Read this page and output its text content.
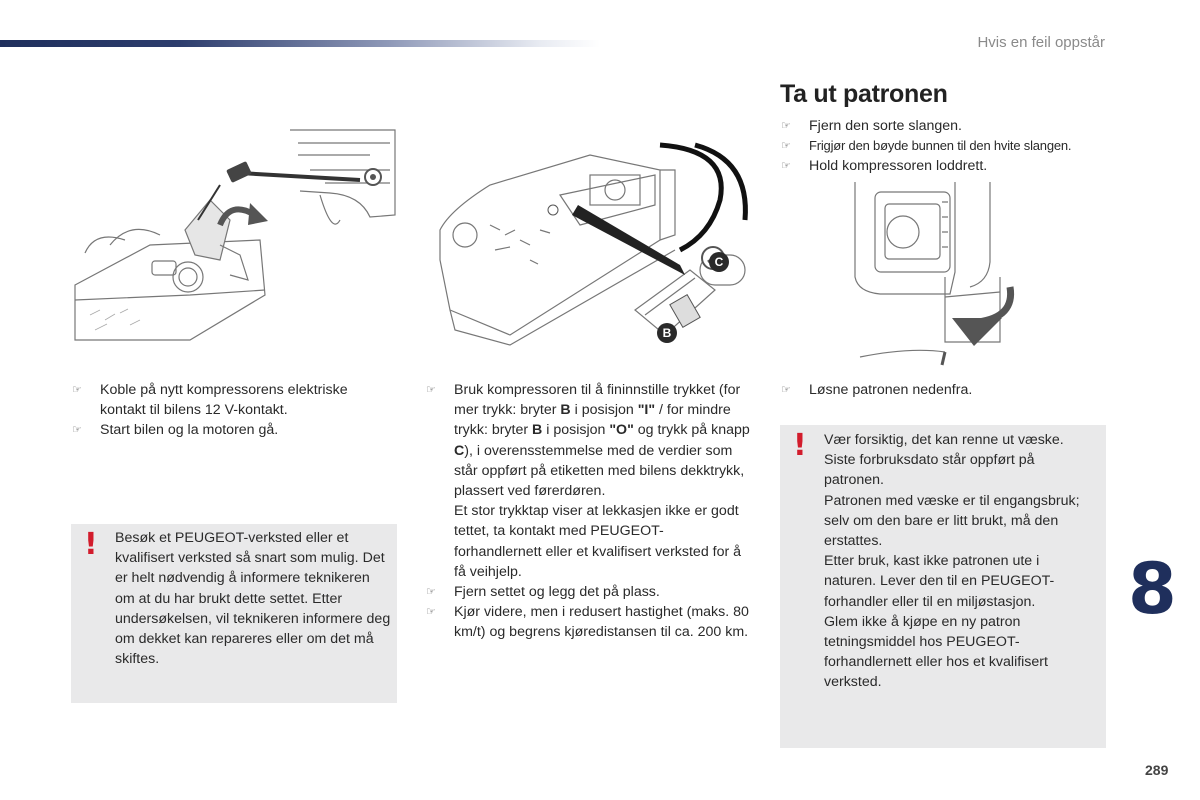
Hvis en feil oppstår
C
B
☞ Koble på nytt kompressorens elektriske kontakt til bilens 12 V-kontakt.
☞ Start bilen og la motoren gå.
! Besøk et PEUGEOT-verksted eller et kvalifisert verksted så snart som mulig. Det er helt nødvendig å informere teknikeren om at du har brukt dette settet. Etter undersøkelsen, vil teknikeren informere deg om dekket kan repareres eller om det må skiftes.
☞ Bruk kompressoren til å fininnstille trykket (for mer trykk: bryter B i posisjon "I" / for mindre trykk: bryter B i posisjon "O" og trykk på knapp C), i overensstemmelse med de verdier som står oppført på etiketten med bilens dekktrykk, plassert ved førerdøren.
Et stor trykktap viser at lekkasjen ikke er godt tettet, ta kontakt med PEUGEOT-forhandlernett eller et kvalifisert verksted for å få veihjelp.
☞ Fjern settet og legg det på plass.
☞ Kjør videre, men i redusert hastighet (maks. 80 km/t) og begrens kjøredistansen til ca. 200 km.
Ta ut patronen
☞ Fjern den sorte slangen.
☞ Frigjør den bøyde bunnen til den hvite slangen.
☞ Hold kompressoren loddrett.
☞ Løsne patronen nedenfra.
! Vær forsiktig, det kan renne ut væske. Siste forbruksdato står oppført på patronen.
Patronen med væske er til engangsbruk; selv om den bare er litt brukt, må den erstattes.
Etter bruk, kast ikke patronen ute i naturen. Lever den til en PEUGEOT-forhandler eller til en miljøstasjon.
Glem ikke å kjøpe en ny patron tetningsmiddel hos PEUGEOT-forhandlernett eller hos et kvalifisert verksted.
8
289
